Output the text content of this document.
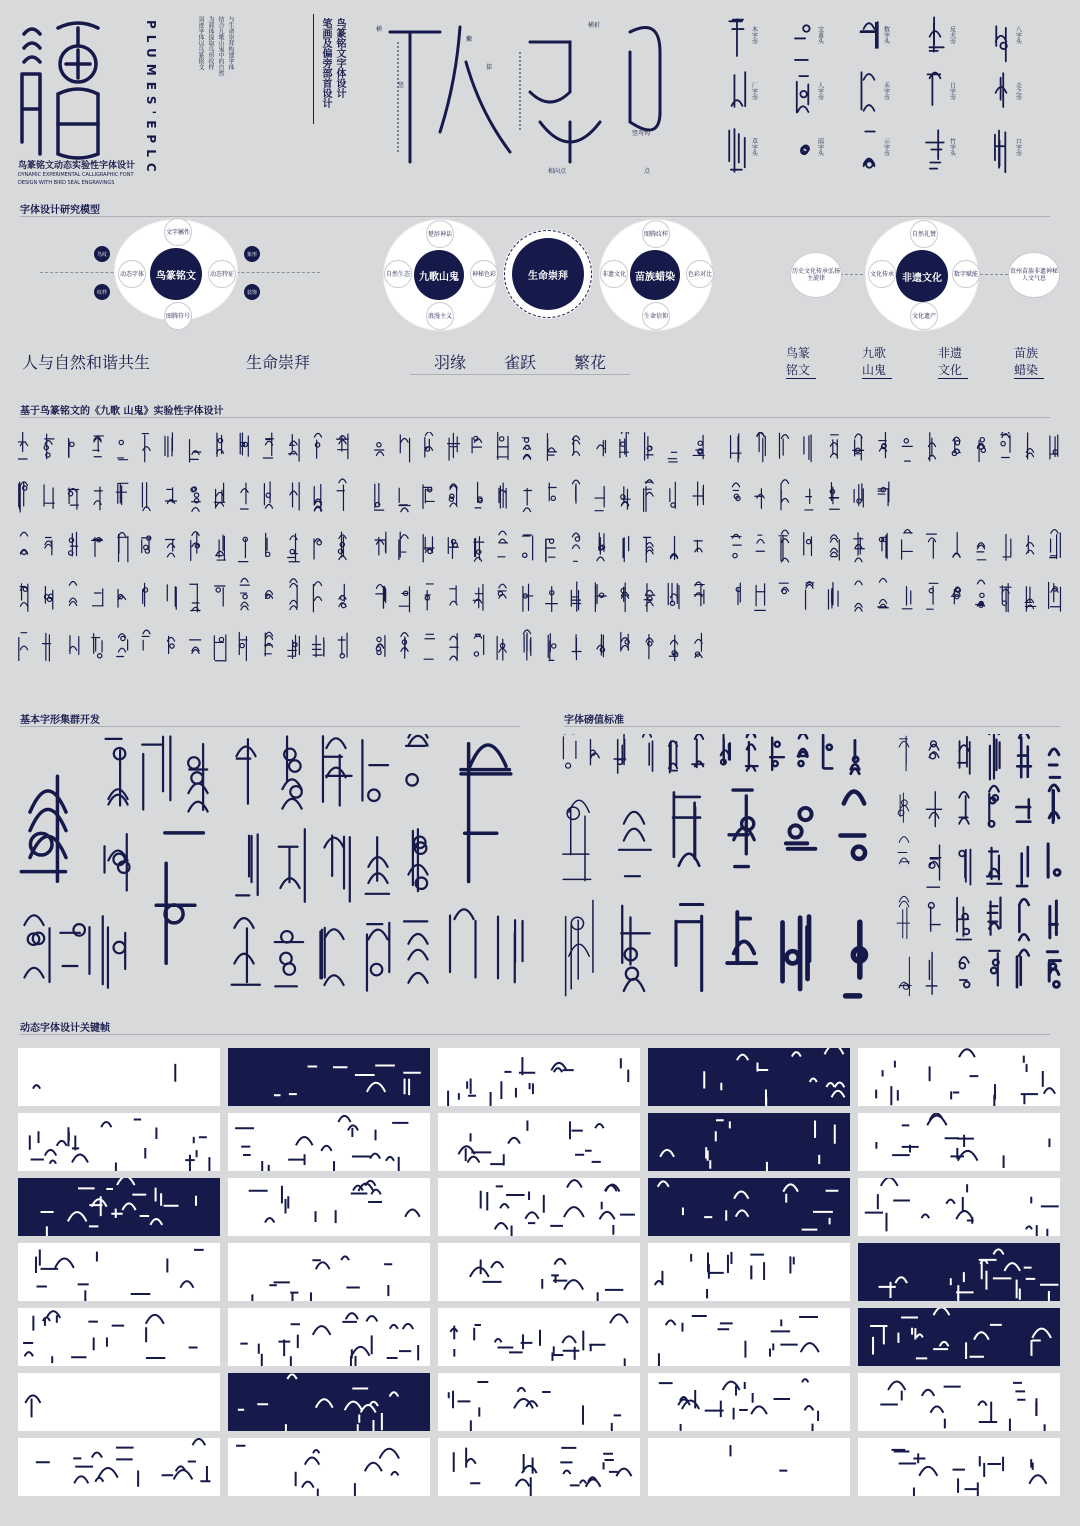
PLUMES'EPLC
鸟篆铭文动态实验性字体设计
DYNAMIC EXPERIMENTAL CALLIGRAPHIC FONT
DESIGN WITH BIRD SEAL ENGRAVINGS
羽迹字体以鸟篆铭文 为载体提取鸟形纹样 结合九歌山鬼中的自然 与生命崇拜构建字体	笔画及偏旁部首设计 鸟篆铭文字体设计	横
撇
捺
竖
横折
竖弯钩
相向点	点
木字旁	宝盖头	数字头	反犬旁	八字头
厂字旁	人字旁	禾字旁	日字旁	走之旁
草字头	雨字头	示字旁	竹字头	口字旁
字体设计研究模型
鸟篆铭文
文字屬性
动态字体	动态特征
图腾符号
鸟纹
纹样
象形
装饰
九歌山鬼
楚辞神话
自然生态	神秘色彩
浪漫主义
生命崇拜	苗族蜡染
图腾纹样
非遗文化	色彩对比
生命信仰
非遗文化
自然礼赞
文化传承	数字赋能
文化遗产
历史文化传承弘扬主旋律
贵州苗族非遗神秘人文气息
人与自然和谐共生	生命崇拜	羽缘 雀跃 繁花	鸟篆铭文
九歌山鬼
非遗文化
苗族蜡染
基于鸟篆铭文的《九歌 山鬼》实验性字体设计
基本字形集群开发	字体磅值标准
动态字体设计关键帧
